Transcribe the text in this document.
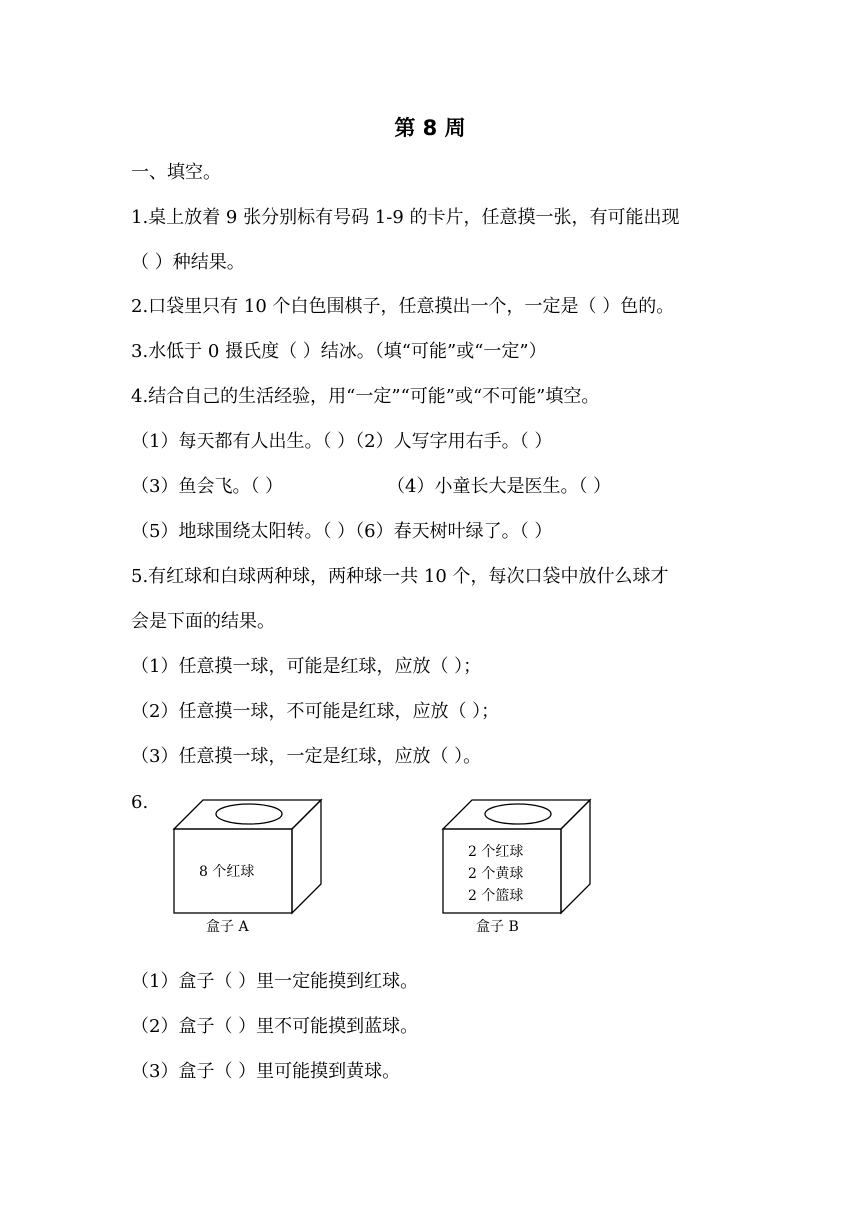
第 8 周
一、填空。
1.桌上放着 9 张分别标有号码 1-9 的卡片，任意摸一张，有可能出现
（ ）种结果。
2.口袋里只有 10 个白色围棋子，任意摸出一个，一定是（ ）色的。
3.水低于 0 摄氏度（ ）结冰。（填“可能”或“一定”）
4.结合自己的生活经验，用“一定”“可能”或“不可能”填空。
（1）每天都有人出生。（ ）（2）人写字用右手。（ ）
（3）鱼会飞。（ ）	（4）小童长大是医生。（ ）
（5）地球围绕太阳转。（ ）（6）春天树叶绿了。（ ）
5.有红球和白球两种球，两种球一共 10 个，每次口袋中放什么球才
会是下面的结果。
（1）任意摸一球，可能是红球，应放（ ）；
（2）任意摸一球，不可能是红球，应放（ ）；
（3）任意摸一球，一定是红球，应放（ ）。
6.
8 个红球
盒子 A
2 个红球
2 个黄球
2 个篮球
盒子 B
（1）盒子（ ）里一定能摸到红球。
（2）盒子（ ）里不可能摸到蓝球。
（3）盒子（ ）里可能摸到黄球。
